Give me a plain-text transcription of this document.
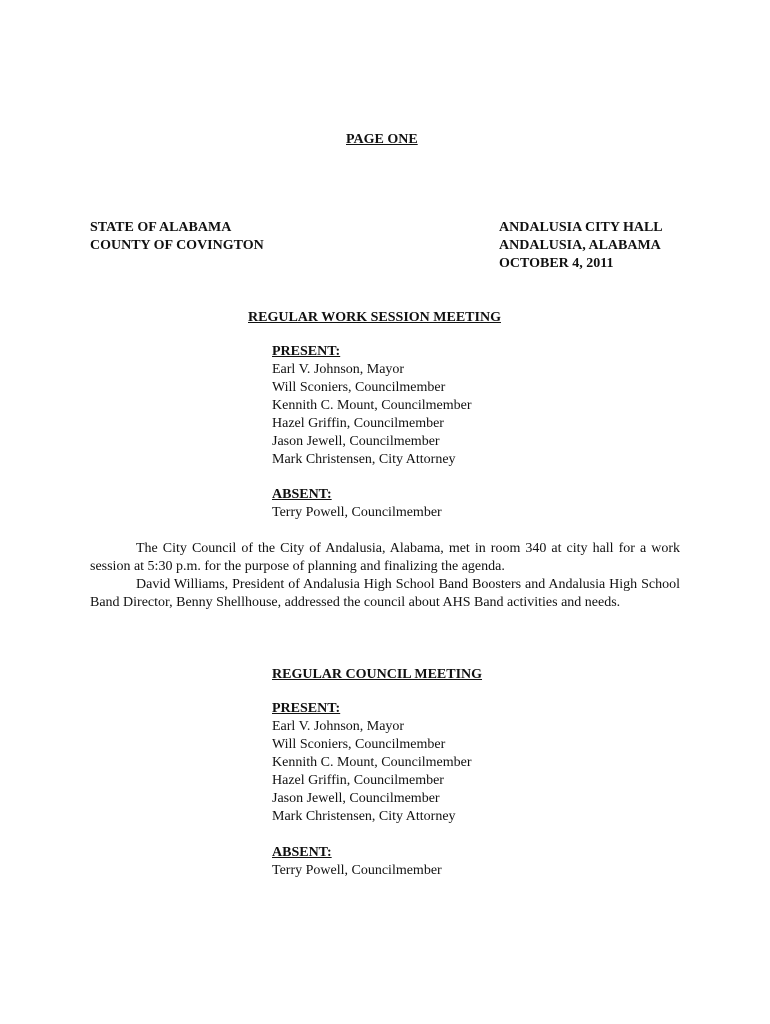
PAGE ONE
STATE OF ALABAMA
COUNTY OF COVINGTON
ANDALUSIA CITY HALL
ANDALUSIA, ALABAMA
OCTOBER 4, 2011
REGULAR WORK SESSION MEETING
PRESENT:
Earl V. Johnson, Mayor
Will Sconiers, Councilmember
Kennith C. Mount, Councilmember
Hazel Griffin, Councilmember
Jason Jewell, Councilmember
Mark Christensen, City Attorney
ABSENT:
Terry Powell, Councilmember
The City Council of the City of Andalusia, Alabama, met in room 340 at city hall for a work session at 5:30 p.m. for the purpose of planning and finalizing the agenda.
David Williams, President of Andalusia High School Band Boosters and Andalusia High School Band Director, Benny Shellhouse, addressed the council about AHS Band activities and needs.
REGULAR COUNCIL MEETING
PRESENT:
Earl V. Johnson, Mayor
Will Sconiers, Councilmember
Kennith C. Mount, Councilmember
Hazel Griffin, Councilmember
Jason Jewell, Councilmember
Mark Christensen, City Attorney
ABSENT:
Terry Powell, Councilmember
